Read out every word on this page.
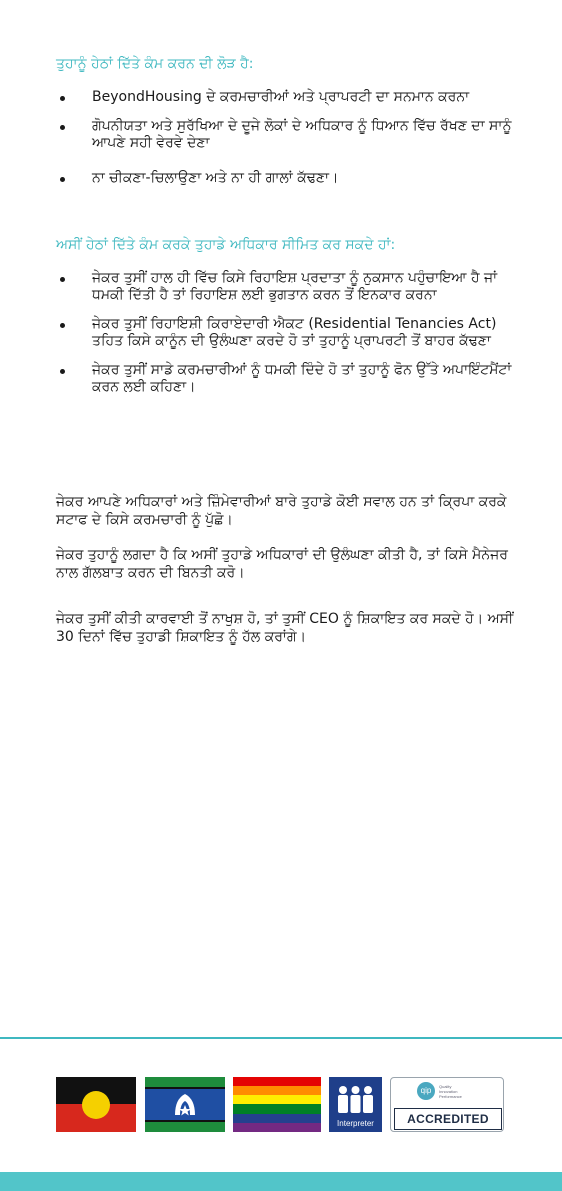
ਤੁਹਾਨੂੰ ਹੇਠਾਂ ਦਿੱਤੇ ਕੰਮ ਕਰਨ ਦੀ ਲੋੜ ਹੈ:
BeyondHousing ਦੇ ਕਰਮਚਾਰੀਆਂ ਅਤੇ ਪ੍ਰਾਪਰਟੀ ਦਾ ਸਨਮਾਨ ਕਰਨਾ
ਗੋਪਨੀਯਤਾ ਅਤੇ ਸੁਰੱਖਿਆ ਦੇ ਦੂਜੇ ਲੋਕਾਂ ਦੇ ਅਧਿਕਾਰ ਨੂੰ ਧਿਆਨ ਵਿੱਚ ਰੱਖਣ ਦਾ ਸਾਨੂੰ ਆਪਣੇ ਸਹੀ ਵੇਰਵੇ ਦੇਣਾ
ਨਾ ਚੀਕਣਾ-ਚਿਲਾਉਣਾ ਅਤੇ ਨਾ ਹੀ ਗਾਲਾਂ ਕੱਢਣਾ।
ਅਸੀਂ ਹੇਠਾਂ ਦਿੱਤੇ ਕੰਮ ਕਰਕੇ ਤੁਹਾਡੇ ਅਧਿਕਾਰ ਸੀਮਿਤ ਕਰ ਸਕਦੇ ਹਾਂ:
ਜੇਕਰ ਤੁਸੀਂ ਹਾਲ ਹੀ ਵਿੱਚ ਕਿਸੇ ਰਿਹਾਇਸ਼ ਪ੍ਰਦਾਤਾ ਨੂੰ ਨੁਕਸਾਨ ਪਹੁੰਚਾਇਆ ਹੈ ਜਾਂ ਧਮਕੀ ਦਿੱਤੀ ਹੈ ਤਾਂ ਰਿਹਾਇਸ਼ ਲਈ ਭੁਗਤਾਨ ਕਰਨ ਤੋਂ ਇਨਕਾਰ ਕਰਨਾ
ਜੇਕਰ ਤੁਸੀਂ ਰਿਹਾਇਸ਼ੀ ਕਿਰਾਏਦਾਰੀ ਐਕਟ (Residential Tenancies Act) ਤਹਿਤ ਕਿਸੇ ਕਾਨੂੰਨ ਦੀ ਉਲੰਘਣਾ ਕਰਦੇ ਹੋ ਤਾਂ ਤੁਹਾਨੂੰ ਪ੍ਰਾਪਰਟੀ ਤੋਂ ਬਾਹਰ ਕੱਢਣਾ
ਜੇਕਰ ਤੁਸੀਂ ਸਾਡੇ ਕਰਮਚਾਰੀਆਂ ਨੂੰ ਧਮਕੀ ਦਿੰਦੇ ਹੋ ਤਾਂ ਤੁਹਾਨੂੰ ਫੋਨ ਉੱਤੇ ਅਪਾਇੰਟਮੈਂਟਾਂ ਕਰਨ ਲਈ ਕਹਿਣਾ।

ਜੇਕਰ ਆਪਣੇ ਅਧਿਕਾਰਾਂ ਅਤੇ ਜ਼ਿੰਮੇਵਾਰੀਆਂ ਬਾਰੇ ਤੁਹਾਡੇ ਕੋਈ ਸਵਾਲ ਹਨ ਤਾਂ ਕ੍ਰਿਪਾ ਕਰਕੇ ਸਟਾਫ ਦੇ ਕਿਸੇ ਕਰਮਚਾਰੀ ਨੂੰ ਪੁੱਛੋ।

ਜੇਕਰ ਤੁਹਾਨੂੰ ਲਗਦਾ ਹੈ ਕਿ ਅਸੀਂ ਤੁਹਾਡੇ ਅਧਿਕਾਰਾਂ ਦੀ ਉਲੰਘਣਾ ਕੀਤੀ ਹੈ, ਤਾਂ ਕਿਸੇ ਮੈਨੇਜਰ ਨਾਲ ਗੱਲਬਾਤ ਕਰਨ ਦੀ ਬਿਨਤੀ ਕਰੋ।

ਜੇਕਰ ਤੁਸੀਂ ਕੀਤੀ ਕਾਰਵਾਈ ਤੋਂ ਨਾਖੁਸ਼ ਹੋ, ਤਾਂ ਤੁਸੀਂ CEO ਨੂੰ ਸ਼ਿਕਾਇਤ ਕਰ ਸਕਦੇ ਹੋ। ਅਸੀਂ 30 ਦਿਨਾਂ ਵਿੱਚ ਤੁਹਾਡੀ ਸ਼ਿਕਾਇਤ ਨੂੰ ਹੱਲ ਕਰਾਂਗੇ।

Interpreter
qip	Quality
Innovation
Performance
ACCREDITED
